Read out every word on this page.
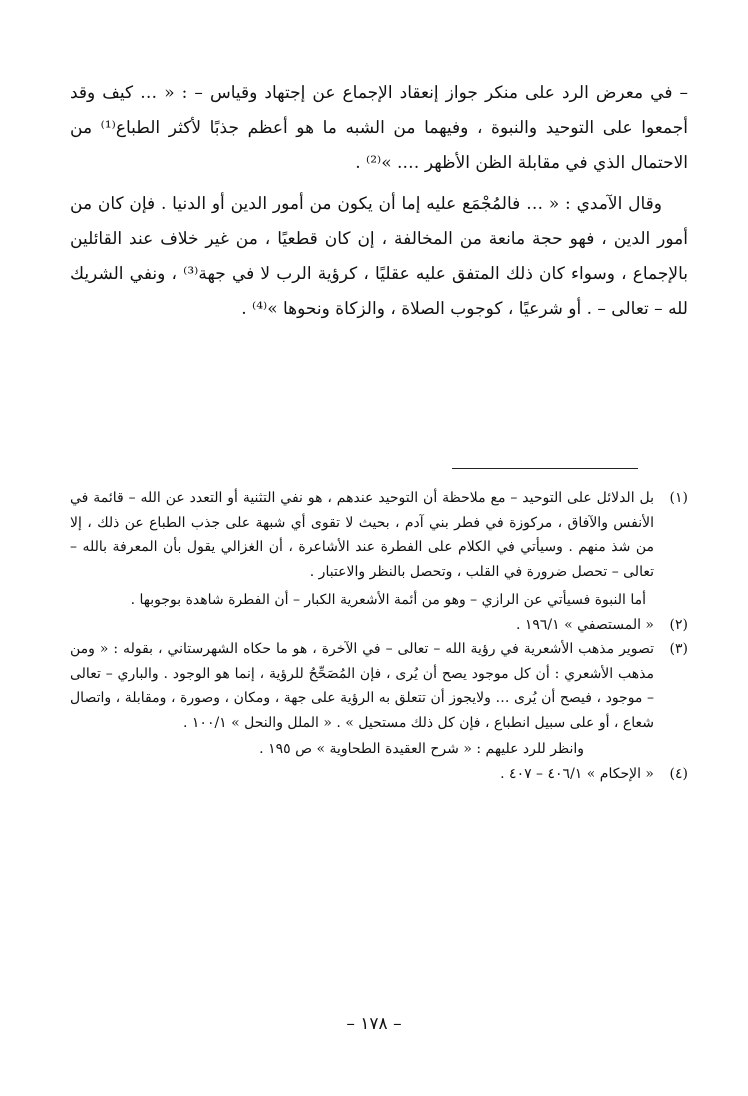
– في معرض الرد على منكر جواز إنعقاد الإجماع عن إجتهاد وقياس – : « … كيف وقد أجمعوا على التوحيد والنبوة ، وفيهما من الشبه ما هو أعظم جذبًا لأكثر الطباع⁽¹⁾ من الاحتمال الذي في مقابلة الظن الأظهر …. »⁽²⁾ .

وقال الآمدي : « … فالمُجْمَع عليه إما أن يكون من أمور الدين أو الدنيا . فإن كان من أمور الدين ، فهو حجة مانعة من المخالفة ، إن كان قطعيًا ، من غير خلاف عند القائلين بالإجماع ، وسواء كان ذلك المتفق عليه عقليًا ، كرؤية الرب لا في جهة⁽³⁾ ، ونفي الشريك لله – تعالى – . أو شرعيًا ، كوجوب الصلاة ، والزكاة ونحوها »⁽⁴⁾ .

(١)

بل الدلائل على التوحيد – مع ملاحظة أن التوحيد عندهم ، هو نفي التثنية أو التعدد عن الله – قائمة في الأنفس والآفاق ، مركوزة في فطر بني آدم ، بحيث لا تقوى أي شبهة على جذب الطباع عن ذلك ، إلا من شذ منهم . وسيأتي في الكلام على الفطرة عند الأشاعرة ، أن الغزالي يقول بأن المعرفة بالله – تعالى – تحصل ضرورة في القلب ، وتحصل بالنظر والاعتبار .

أما النبوة فسيأتي عن الرازي – وهو من أئمة الأشعرية الكبار – أن الفطرة شاهدة بوجوبها .

(٢)

« المستصفي » ١٩٦/١ .

(٣)

تصوير مذهب الأشعرية في رؤية الله – تعالى – في الآخرة ، هو ما حكاه الشهرستاني ، بقوله : « ومن مذهب الأشعري : أن كل موجود يصح أن يُرى ، فإن المُصَحِّحُ للرؤية ، إنما هو الوجود . والباري – تعالى – موجود ، فيصح أن يُرى … ولايجوز أن تتعلق به الرؤية على جهة ، ومكان ، وصورة ، ومقابلة ، واتصال شعاع ، أو على سبيل انطباع ، فإن كل ذلك مستحيل » . « الملل والنحل » ١٠٠/١ .

وانظر للرد عليهم : « شرح العقيدة الطحاوية » ص ١٩٥ .

(٤)

« الإحكام » ٤٠٦/١ – ٤٠٧ .

– ١٧٨ –
